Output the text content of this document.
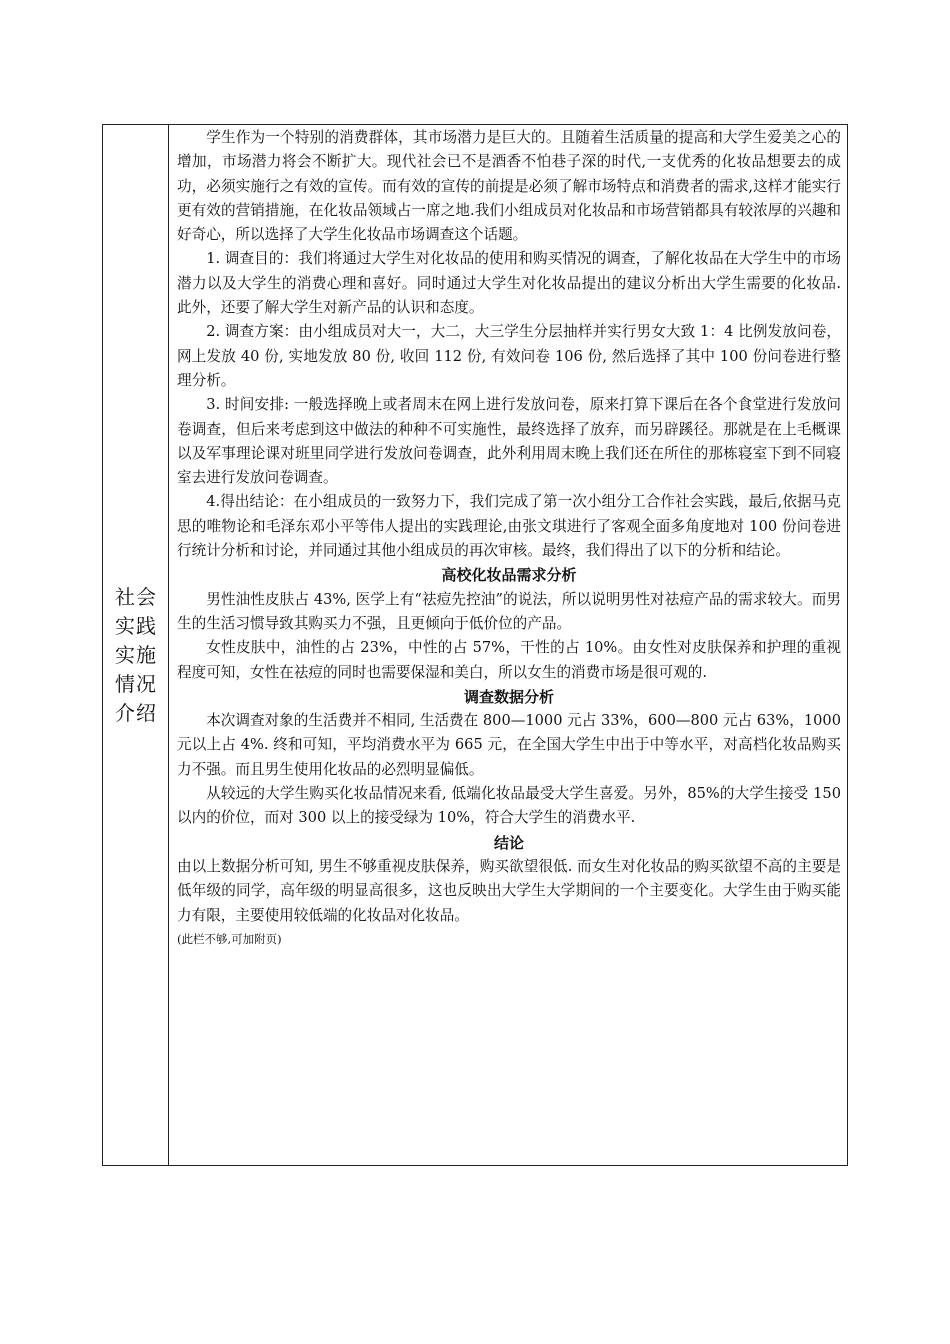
社会
实践
实施
情况
介绍

学生作为一个特别的消费群体，其市场潜力是巨大的。且随着生活质量的提高和大学生爱美之心的增加，市场潜力将会不断扩大。现代社会已不是酒香不怕巷子深的时代,一支优秀的化妆品想要去的成功，必须实施行之有效的宣传。而有效的宣传的前提是必须了解市场特点和消费者的需求,这样才能实行更有效的营销措施，在化妆品领域占一席之地.我们小组成员对化妆品和市场营销都具有较浓厚的兴趣和好奇心，所以选择了大学生化妆品市场调查这个话题。

1. 调查目的：我们将通过大学生对化妆品的使用和购买情况的调查，了解化妆品在大学生中的市场潜力以及大学生的消费心理和喜好。同时通过大学生对化妆品提出的建议分析出大学生需要的化妆品. 此外，还要了解大学生对新产品的认识和态度。

2. 调查方案：由小组成员对大一，大二，大三学生分层抽样并实行男女大致 1：4 比例发放问卷，网上发放 40 份, 实地发放 80 份, 收回 112 份, 有效问卷 106 份, 然后选择了其中 100 份问卷进行整理分析。

3. 时间安排: 一般选择晚上或者周末在网上进行发放问卷，原来打算下课后在各个食堂进行发放问卷调查，但后来考虑到这中做法的种种不可实施性，最终选择了放弃，而另辟蹊径。那就是在上毛概课以及军事理论课对班里同学进行发放问卷调查，此外利用周末晚上我们还在所住的那栋寝室下到不同寝室去进行发放问卷调查。

4.得出结论：在小组成员的一致努力下，我们完成了第一次小组分工合作社会实践，最后,依据马克思的唯物论和毛泽东邓小平等伟人提出的实践理论,由张文琪进行了客观全面多角度地对 100 份问卷进行统计分析和讨论，并同通过其他小组成员的再次审核。最终，我们得出了以下的分析和结论。

高校化妆品需求分析

男性油性皮肤占 43%, 医学上有“祛痘先控油”的说法，所以说明男性对祛痘产品的需求较大。而男生的生活习惯导致其购买力不强，且更倾向于低价位的产品。

女性皮肤中，油性的占 23%，中性的占 57%，干性的占 10%。由女性对皮肤保养和护理的重视程度可知，女性在祛痘的同时也需要保湿和美白，所以女生的消费市场是很可观的.

调查数据分析

本次调查对象的生活费并不相同, 生活费在 800—1000 元占 33%，600—800 元占 63%，1000 元以上占 4%. 终和可知，平均消费水平为 665 元，在全国大学生中出于中等水平，对高档化妆品购买力不强。而且男生使用化妆品的必烈明显偏低。

从较远的大学生购买化妆品情况来看, 低端化妆品最受大学生喜爱。另外，85%的大学生接受 150 以内的价位，而对 300 以上的接受绿为 10%，符合大学生的消费水平.

结论

由以上数据分析可知, 男生不够重视皮肤保养，购买欲望很低. 而女生对化妆品的购买欲望不高的主要是低年级的同学，高年级的明显高很多，这也反映出大学生大学期间的一个主要变化。大学生由于购买能力有限，主要使用较低端的化妆品对化妆品。

(此栏不够,可加附页)
